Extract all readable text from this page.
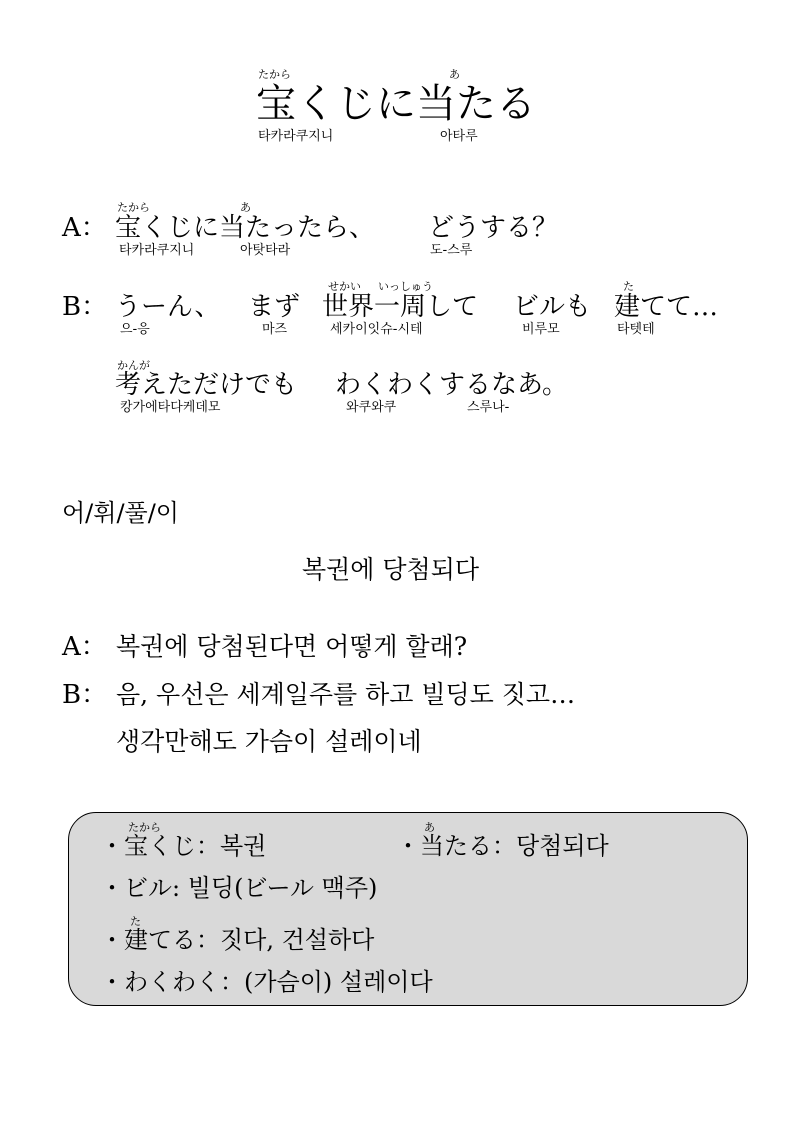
たから	あ
宝くじに当たる
타카라쿠지니	아타루
たから	あ
A： 宝くじに当たったら、 どうする？
타카라쿠지니	아탓타라	도-스루
せかい いっしゅう	た
B： うーん、 まず 世界一周して ビルも 建てて…
으-응	마즈	세카이잇슈-시테	비루모	타텟테
かんが
考えただけでも わくわくするなあ。
캉가에타다케데모	와쿠와쿠	스루나-
어/휘/풀/이
복권에 당첨되다
A： 복권에 당첨된다면 어떻게 할래?
B： 음, 우선은 세계일주를 하고 빌딩도 짓고…
생각만해도 가슴이 설레이네
たから
・宝くじ：복권
あ
・当たる：당첨되다
・ビル: 빌딩(ビール 맥주)
た
・建てる：짓다, 건설하다
・わくわく：(가슴이) 설레이다
